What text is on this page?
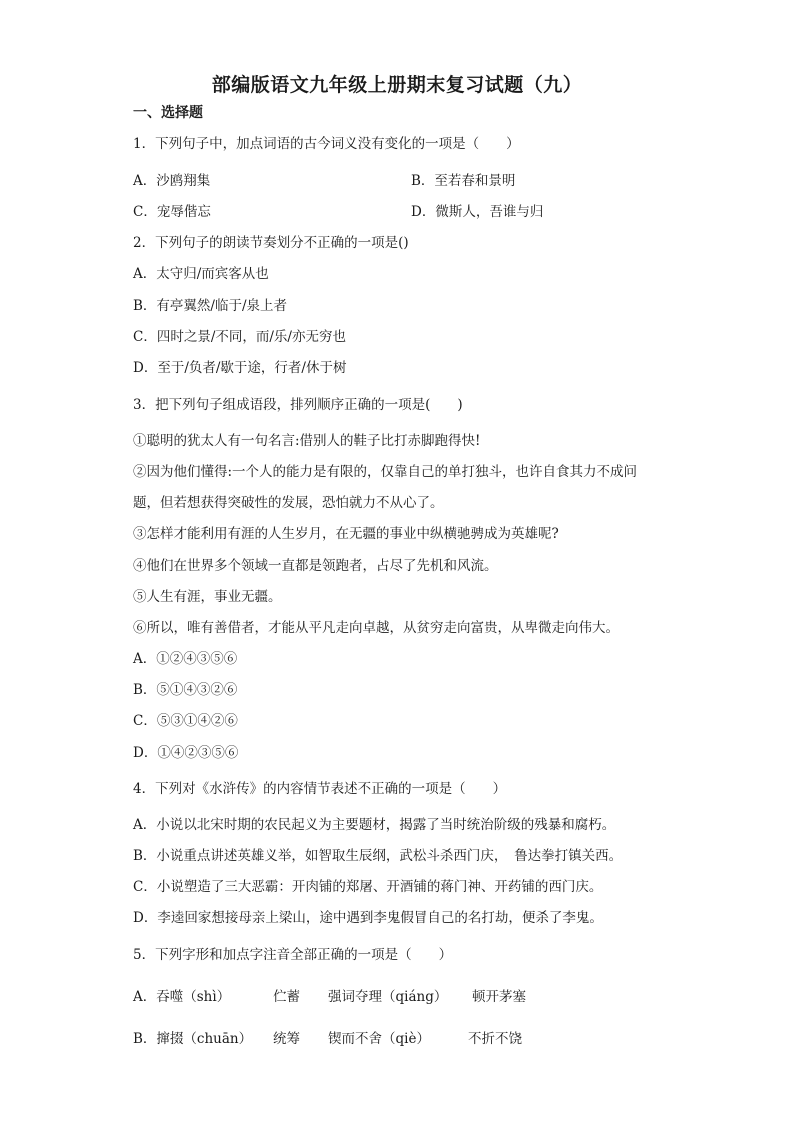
部编版语文九年级上册期末复习试题（九）
一、选择题
1．下列句子中，加点词语的古今词义没有变化的一项是（　　）
A．沙鸥翔集	B．至若春和景明
C．宠辱偕忘	D．微斯人，吾谁与归
2．下列句子的朗读节奏划分不正确的一项是()
A．太守归/而宾客从也
B．有亭翼然/临于/泉上者
C．四时之景/不同，而/乐/亦无穷也
D．至于/负者/歇于途，行者/休于树
3．把下列句子组成语段，排列顺序正确的一项是(　　)
①聪明的犹太人有一句名言:借别人的鞋子比打赤脚跑得快!
②因为他们懂得:一个人的能力是有限的，仅靠自己的单打独斗，也许自食其力不成问
题，但若想获得突破性的发展，恐怕就力不从心了。
③怎样才能利用有涯的人生岁月，在无疆的事业中纵横驰骋成为英雄呢?
④他们在世界多个领域一直都是领跑者，占尽了先机和风流。
⑤人生有涯，事业无疆。
⑥所以，唯有善借者，才能从平凡走向卓越，从贫穷走向富贵，从卑微走向伟大。
A．①②④③⑤⑥
B．⑤①④③②⑥
C．⑤③①④②⑥
D．①④②③⑤⑥
4．下列对《水浒传》的内容情节表述不正确的一项是（　　）
A．小说以北宋时期的农民起义为主要题材，揭露了当时统治阶级的残暴和腐朽。
B．小说重点讲述英雄义举，如智取生辰纲，武松斗杀西门庆，　鲁达拳打镇关西。
C．小说塑造了三大恶霸：开肉铺的郑屠、开酒铺的蒋门神、开药铺的西门庆。
D．李逵回家想接母亲上梁山，途中遇到李鬼假冒自己的名打劫，便杀了李鬼。
5．下列字形和加点字注音全部正确的一项是（　　）
A．吞噬（shì）	伫蓄 强词夺理（qiáng） 顿开茅塞
B．撺掇（chuān） 统筹 锲而不舍（qiè）	不折不饶
